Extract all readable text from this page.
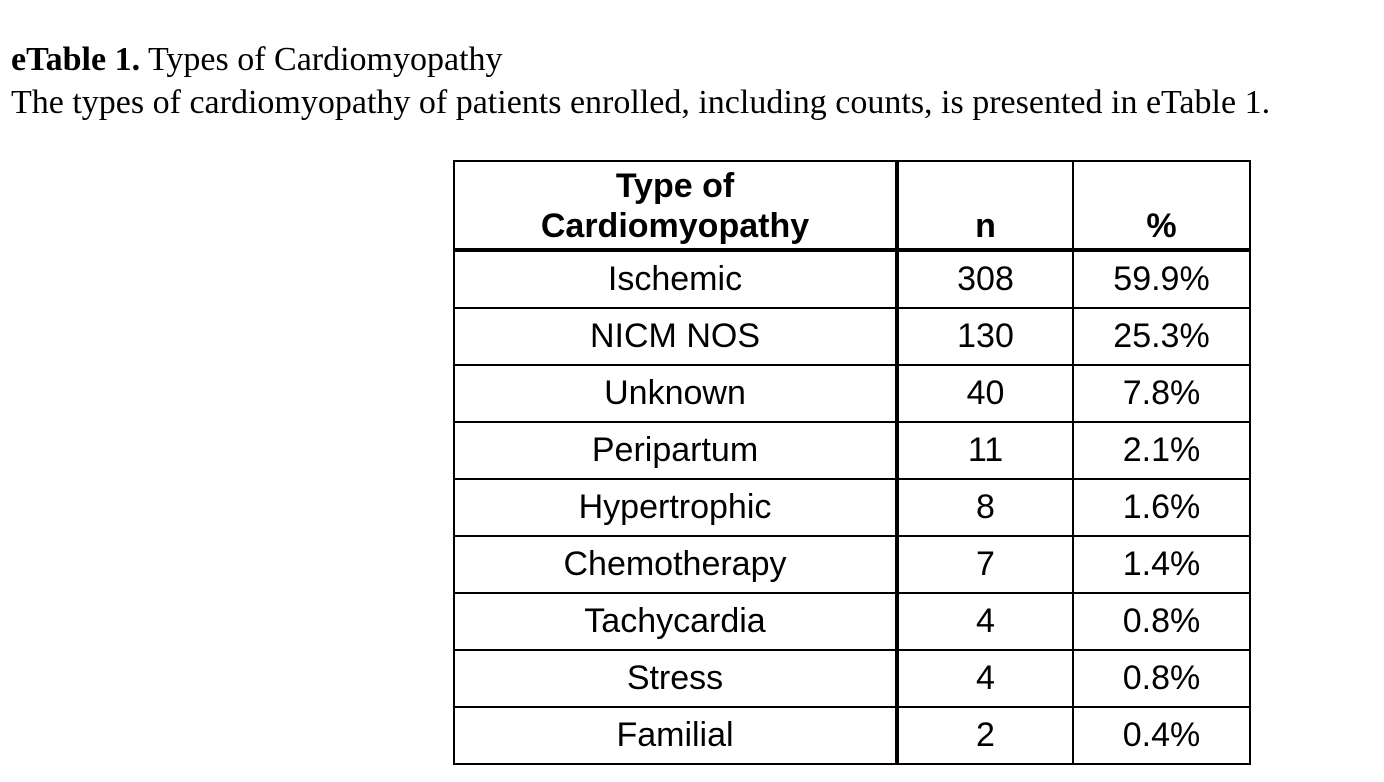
eTable 1. Types of Cardiomyopathy
The types of cardiomyopathy of patients enrolled, including counts, is presented in eTable 1.
Type of
Cardiomyopathy	n	%
Ischemic	308	59.9%
NICM NOS	130	25.3%
Unknown	40	7.8%
Peripartum	11	2.1%
Hypertrophic	8	1.6%
Chemotherapy	7	1.4%
Tachycardia	4	0.8%
Stress	4	0.8%
Familial	2	0.4%
